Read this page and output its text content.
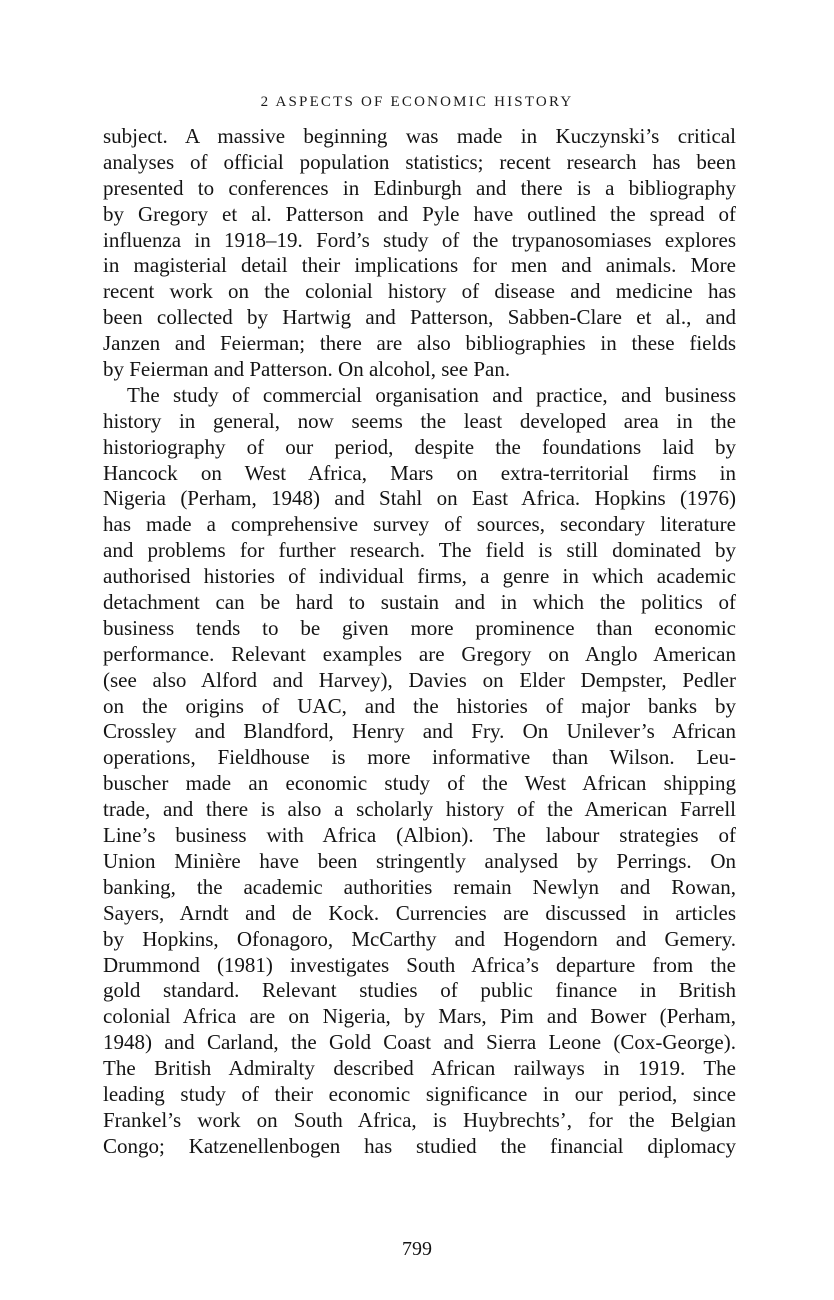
2 ASPECTS OF ECONOMIC HISTORY
subject. A massive beginning was made in Kuczynski’s critical
analyses of official population statistics; recent research has been
presented to conferences in Edinburgh and there is a bibliography
by Gregory et al. Patterson and Pyle have outlined the spread of
influenza in 1918–19. Ford’s study of the trypanosomiases explores
in magisterial detail their implications for men and animals. More
recent work on the colonial history of disease and medicine has
been collected by Hartwig and Patterson, Sabben-Clare et al., and
Janzen and Feierman; there are also bibliographies in these fields
by Feierman and Patterson. On alcohol, see Pan.
The study of commercial organisation and practice, and business
history in general, now seems the least developed area in the
historiography of our period, despite the foundations laid by
Hancock on West Africa, Mars on extra-territorial firms in
Nigeria (Perham, 1948) and Stahl on East Africa. Hopkins (1976)
has made a comprehensive survey of sources, secondary literature
and problems for further research. The field is still dominated by
authorised histories of individual firms, a genre in which academic
detachment can be hard to sustain and in which the politics of
business tends to be given more prominence than economic
performance. Relevant examples are Gregory on Anglo American
(see also Alford and Harvey), Davies on Elder Dempster, Pedler
on the origins of UAC, and the histories of major banks by
Crossley and Blandford, Henry and Fry. On Unilever’s African
operations, Fieldhouse is more informative than Wilson. Leu-
buscher made an economic study of the West African shipping
trade, and there is also a scholarly history of the American Farrell
Line’s business with Africa (Albion). The labour strategies of
Union Minière have been stringently analysed by Perrings. On
banking, the academic authorities remain Newlyn and Rowan,
Sayers, Arndt and de Kock. Currencies are discussed in articles
by Hopkins, Ofonagoro, McCarthy and Hogendorn and Gemery.
Drummond (1981) investigates South Africa’s departure from the
gold standard. Relevant studies of public finance in British
colonial Africa are on Nigeria, by Mars, Pim and Bower (Perham,
1948) and Carland, the Gold Coast and Sierra Leone (Cox-George).
The British Admiralty described African railways in 1919. The
leading study of their economic significance in our period, since
Frankel’s work on South Africa, is Huybrechts’, for the Belgian
Congo; Katzenellenbogen has studied the financial diplomacy
799
